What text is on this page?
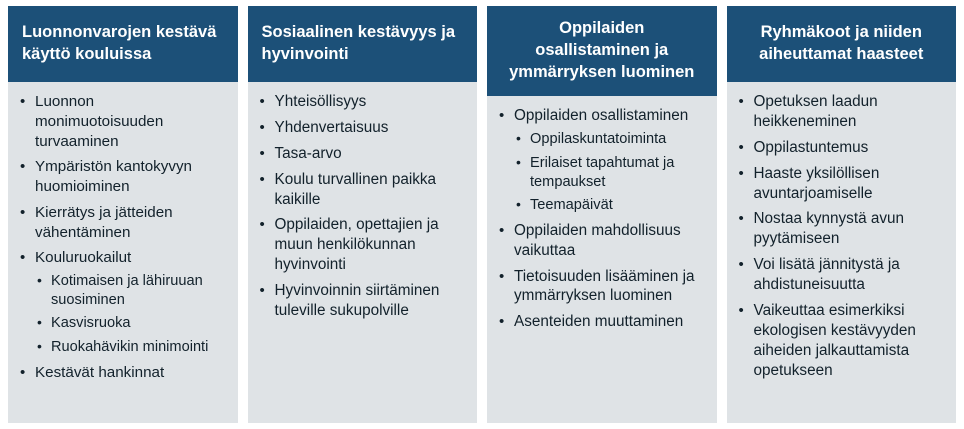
Luonnonvarojen kestävä käyttö kouluissa
• Luonnon monimuotoisuuden turvaaminen
• Ympäristön kantokyvyn huomioiminen
• Kierrätys ja jätteiden vähentäminen
• Kouluruokailut
• Kotimaisen ja lähiruuan suosiminen
• Kasvisruoka
• Ruokahävikin minimointi
• Kestävät hankinnat
Sosiaalinen kestävyys ja hyvinvointi
• Yhteisöllisyys
• Yhdenvertaisuus
• Tasa-arvo
• Koulu turvallinen paikka kaikille
• Oppilaiden, opettajien ja muun henkilökunnan hyvinvointi
• Hyvinvoinnin siirtäminen tuleville sukupolville
Oppilaiden osallistaminen ja ymmärryksen luominen
• Oppilaiden osallistaminen
• Oppilaskuntatoiminta
• Erilaiset tapahtumat ja tempaukset
• Teemapäivät
• Oppilaiden mahdollisuus vaikuttaa
• Tietoisuuden lisääminen ja ymmärryksen luominen
• Asenteiden muuttaminen
Ryhmäkoot ja niiden aiheuttamat haasteet
• Opetuksen laadun heikkeneminen
• Oppilastuntemus
• Haaste yksilöllisen avuntarjoamiselle
• Nostaa kynnystä avun pyytämiseen
• Voi lisätä jännitystä ja ahdistuneisuutta
• Vaikeuttaa esimerkiksi ekologisen kestävyyden aiheiden jalkauttamista opetukseen
